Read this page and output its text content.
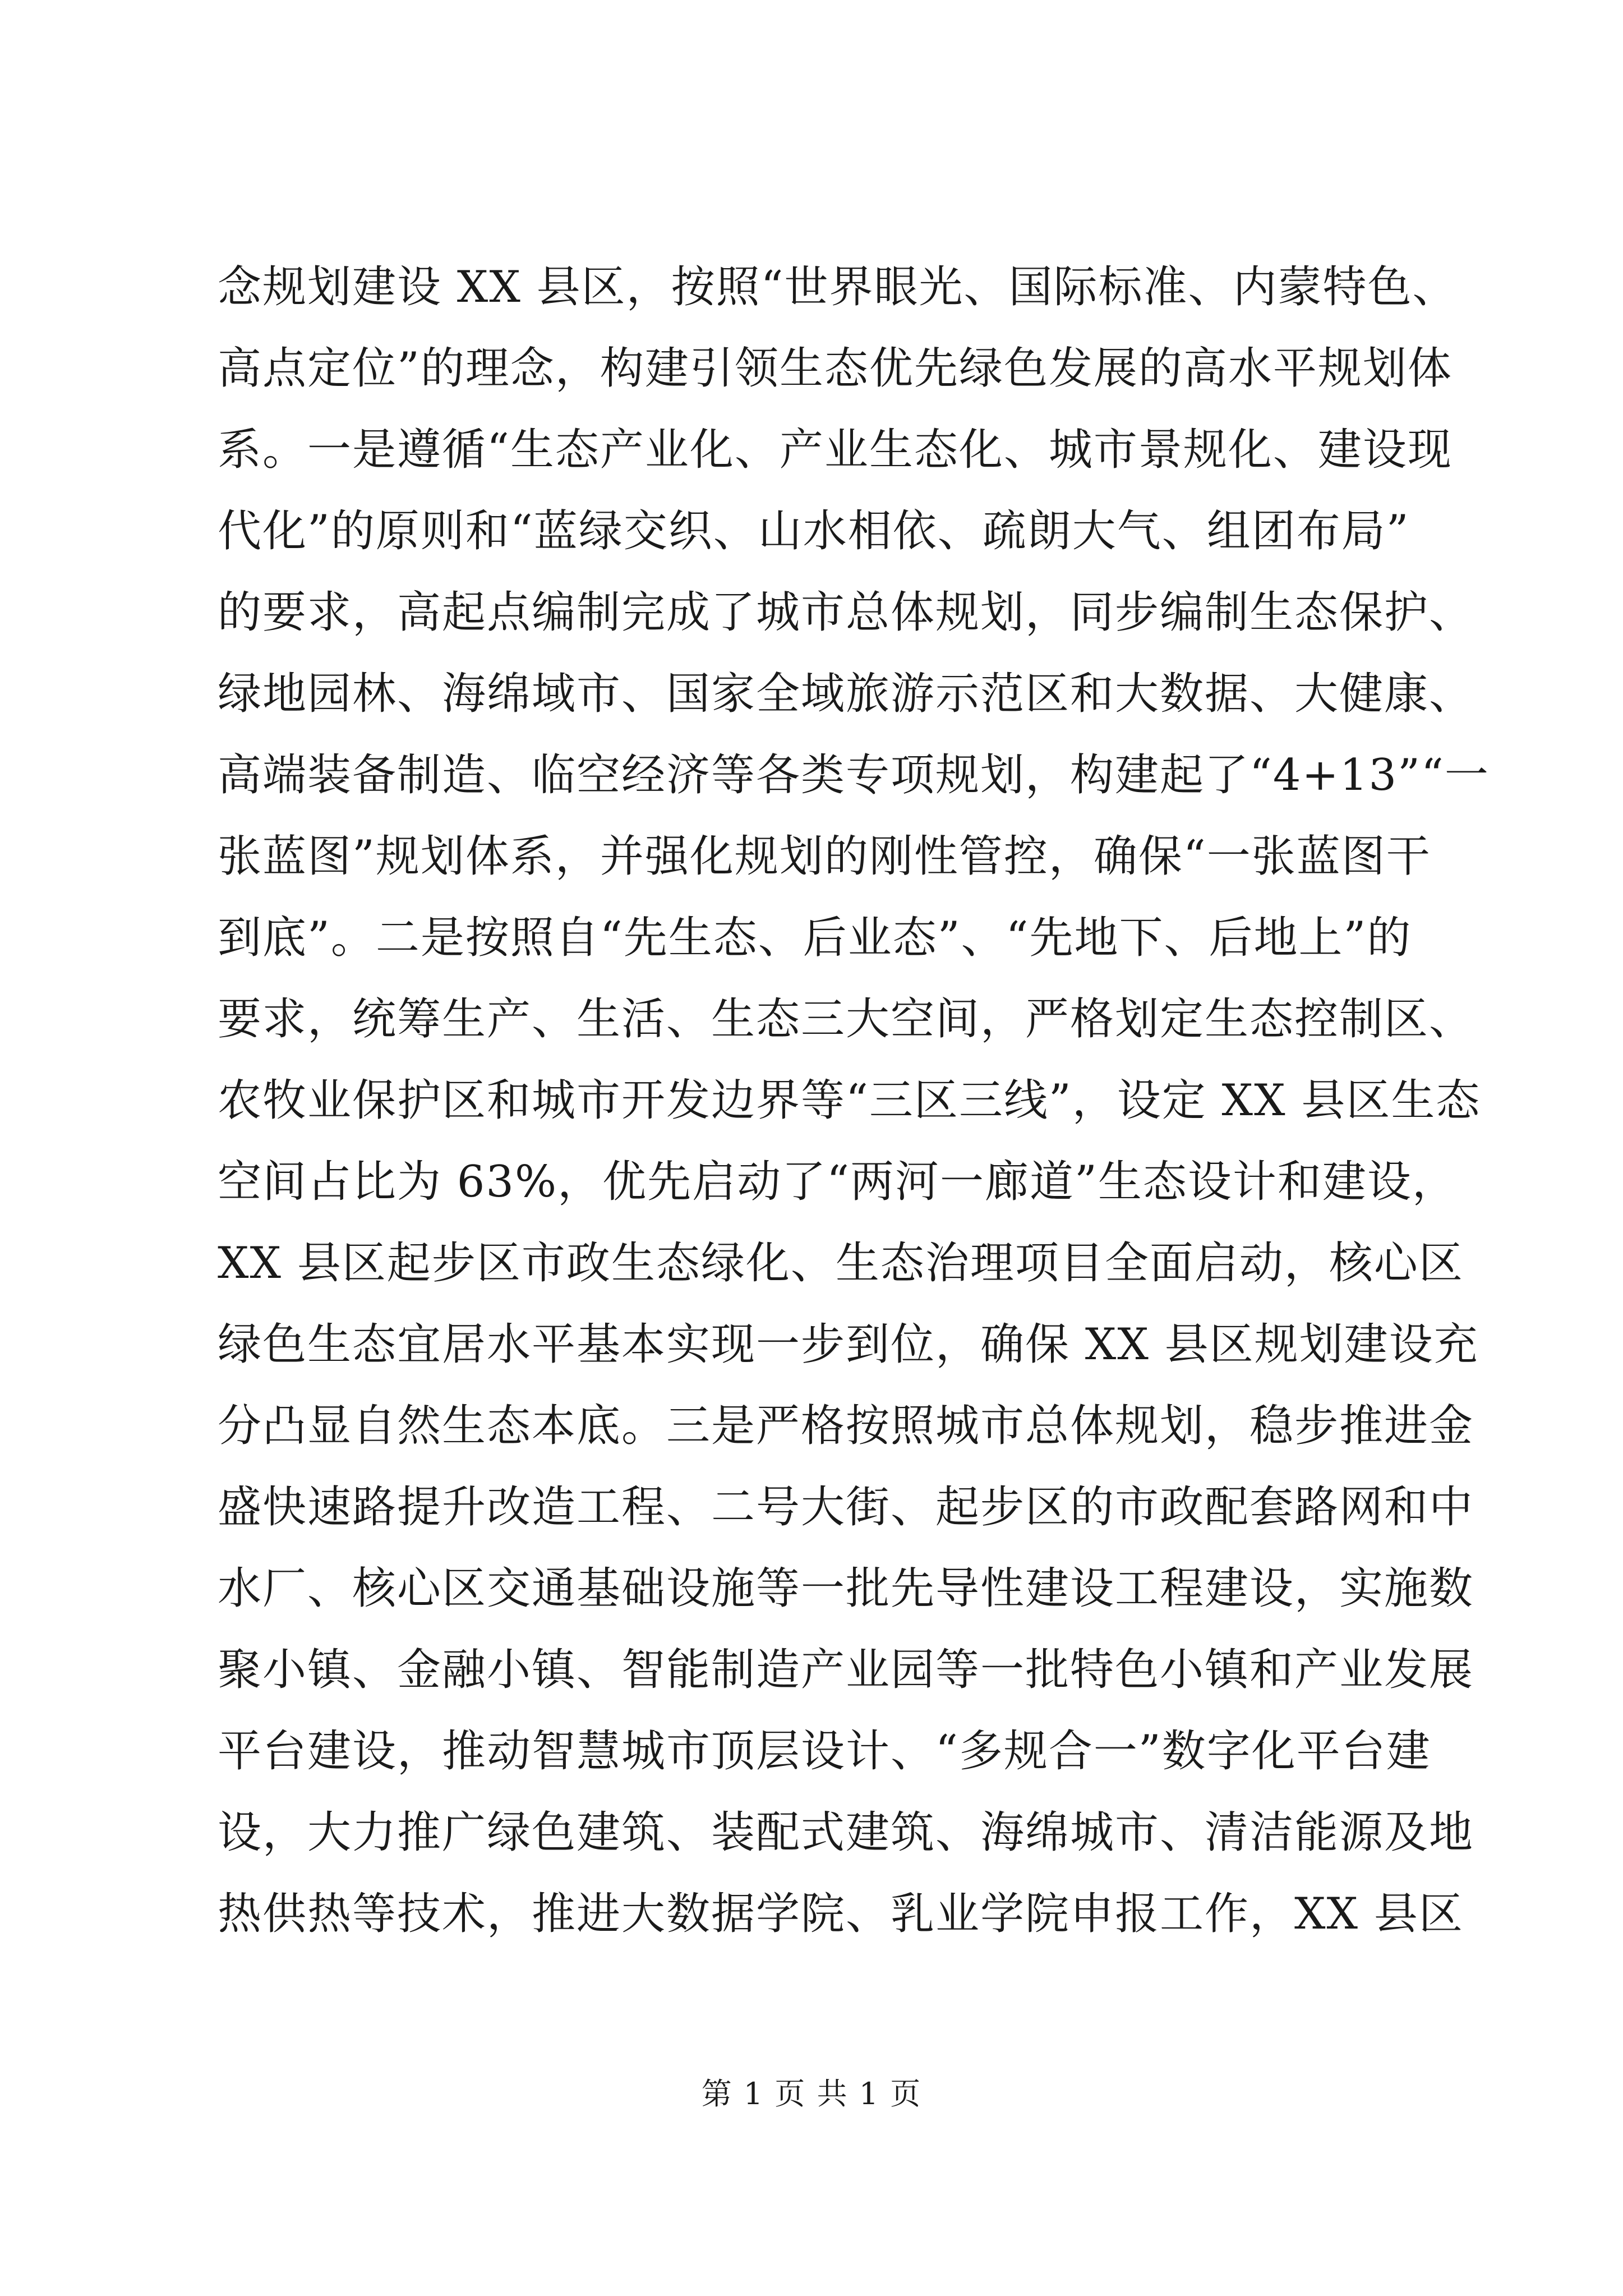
念规划建设 XX 县区，按照“世界眼光、国际标准、内蒙特色、
高点定位”的理念，构建引领生态优先绿色发展的高水平规划体
系。一是遵循“生态产业化、产业生态化、城市景规化、建设现
代化”的原则和“蓝绿交织、山水相依、疏朗大气、组团布局”
的要求，高起点编制完成了城市总体规划，同步编制生态保护、
绿地园林、海绵域市、国家全域旅游示范区和大数据、大健康、
高端装备制造、临空经济等各类专项规划，构建起了“4+13”“一
张蓝图”规划体系，并强化规划的刚性管控，确保“一张蓝图干
到底”。二是按照自“先生态、后业态”、“先地下、后地上”的
要求，统筹生产、生活、生态三大空间，严格划定生态控制区、
农牧业保护区和城市开发边界等“三区三线”，设定 XX 县区生态
空间占比为 63%，优先启动了“两河一廊道”生态设计和建设，
XX 县区起步区市政生态绿化、生态治理项目全面启动，核心区
绿色生态宜居水平基本实现一步到位，确保 XX 县区规划建设充
分凸显自然生态本底。三是严格按照城市总体规划，稳步推进金
盛快速路提升改造工程、二号大街、起步区的市政配套路网和中
水厂、核心区交通基础设施等一批先导性建设工程建设，实施数
聚小镇、金融小镇、智能制造产业园等一批特色小镇和产业发展
平台建设，推动智慧城市顶层设计、“多规合一”数字化平台建
设，大力推广绿色建筑、装配式建筑、海绵城市、清洁能源及地
热供热等技术，推进大数据学院、乳业学院申报工作，XX 县区
第 1 页 共 1 页
